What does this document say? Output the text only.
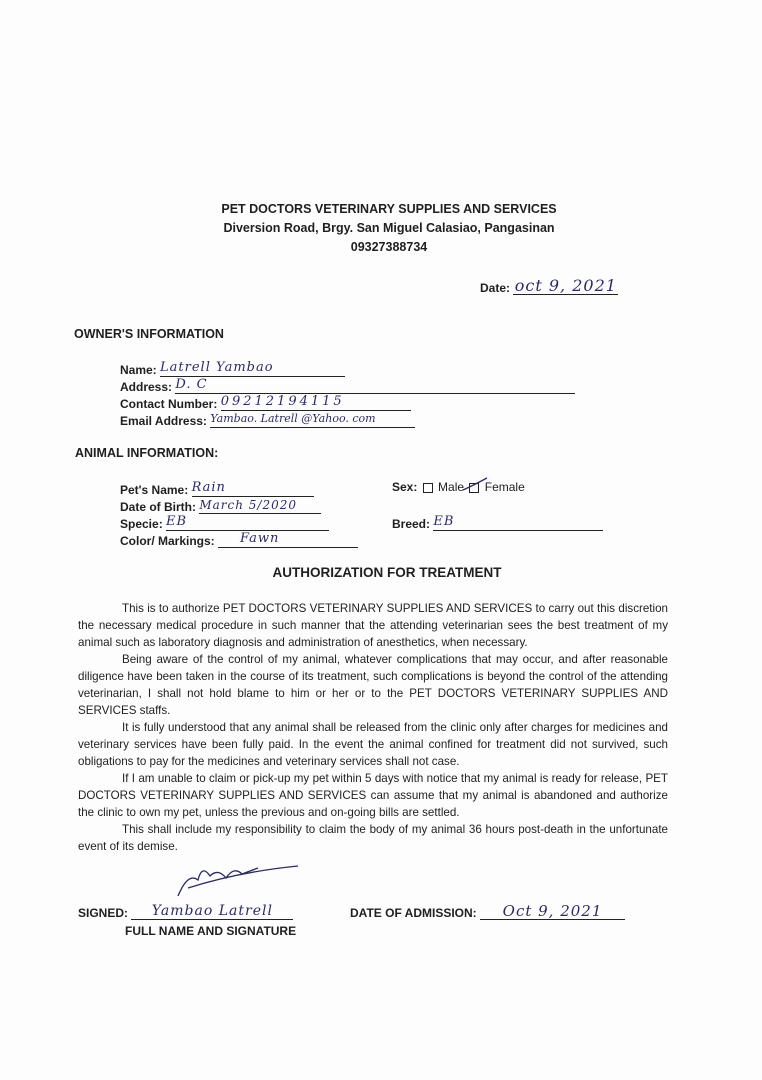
PET DOCTORS VETERINARY SUPPLIES AND SERVICES
Diversion Road, Brgy. San Miguel Calasiao, Pangasinan
09327388734
Date: oct 9, 2021
OWNER'S INFORMATION
Name: Latrell Yambao
Address: D. C
Contact Number: 09212194115
Email Address: Yambao. Latrell @Yahoo. com
ANIMAL INFORMATION:
Pet's Name: Rain
Date of Birth: March 5/2020
Specie: EB
Color/ Markings: Fawn
Sex: Male Female
Breed: EB
AUTHORIZATION FOR TREATMENT

This is to authorize PET DOCTORS VETERINARY SUPPLIES AND SERVICES to carry out this discretion the necessary medical procedure in such manner that the attending veterinarian sees the best treatment of my animal such as laboratory diagnosis and administration of anesthetics, when necessary.

Being aware of the control of my animal, whatever complications that may occur, and after reasonable diligence have been taken in the course of its treatment, such complications is beyond the control of the attending veterinarian, I shall not hold blame to him or her or to the PET DOCTORS VETERINARY SUPPLIES AND SERVICES staffs.

It is fully understood that any animal shall be released from the clinic only after charges for medicines and veterinary services have been fully paid. In the event the animal confined for treatment did not survived, such obligations to pay for the medicines and veterinary services shall not case.

If I am unable to claim or pick-up my pet within 5 days with notice that my animal is ready for release, PET DOCTORS VETERINARY SUPPLIES AND SERVICES can assume that my animal is abandoned and authorize the clinic to own my pet, unless the previous and on-going bills are settled.

This shall include my responsibility to claim the body of my animal 36 hours post-death in the unfortunate event of its demise.

SIGNED: Yambao Latrell
FULL NAME AND SIGNATURE
DATE OF ADMISSION: Oct 9, 2021
